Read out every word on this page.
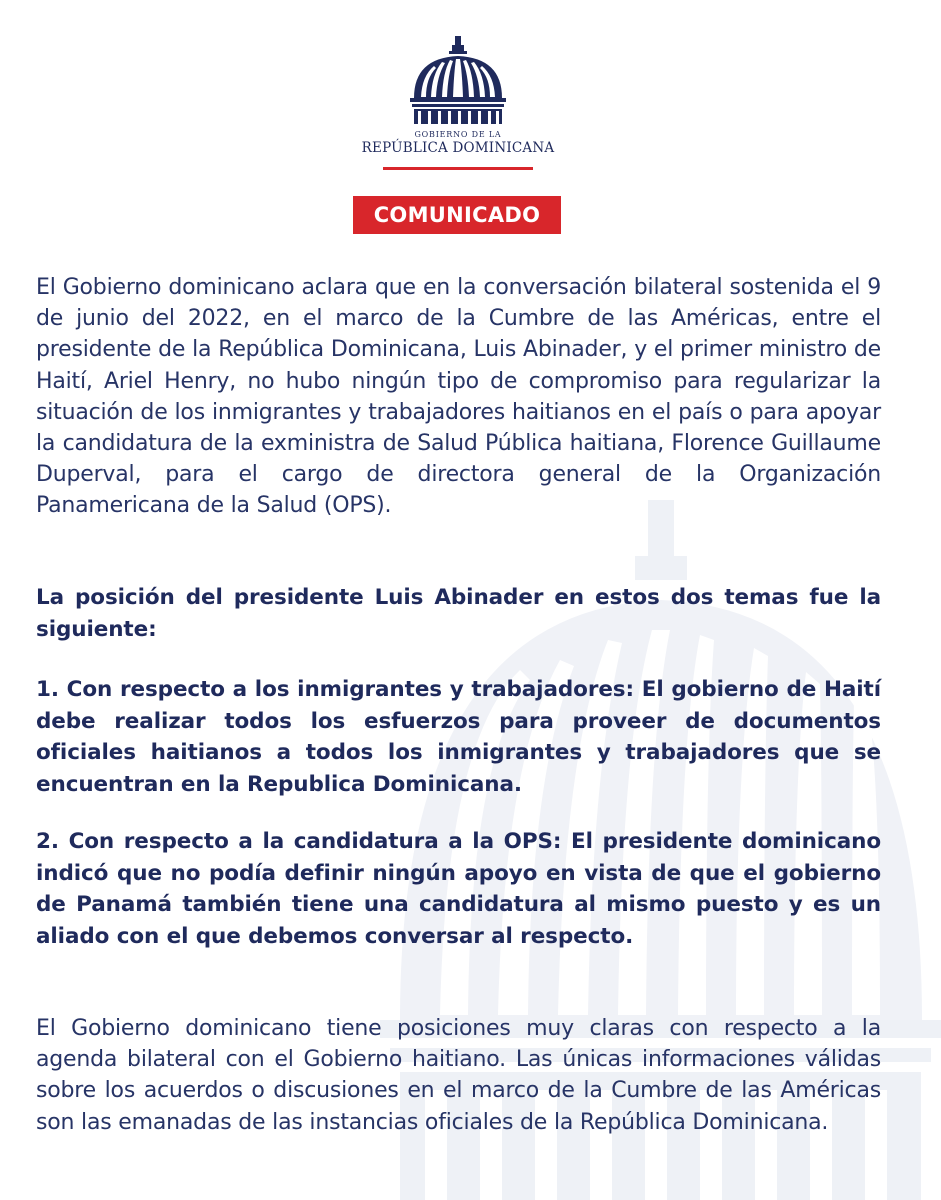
GOBIERNO DE LA
REPÚBLICA DOMINICANA
COMUNICADO

El Gobierno dominicano aclara que en la conversación bilateral sostenida el 9 de junio del 2022, en el marco de la Cumbre de las Américas, entre el presidente de la República Dominicana, Luis Abinader, y el primer ministro de Haití, Ariel Henry, no hubo ningún tipo de compromiso para regularizar la situación de los inmigrantes y trabajadores haitianos en el país o para apoyar la candidatura de la exministra de Salud Pública haitiana, Florence Guillaume Duperval, para el cargo de directora general de la Organización Panamericana de la Salud (OPS).

La posición del presidente Luis Abinader en estos dos temas fue la siguiente:

1. Con respecto a los inmigrantes y trabajadores: El gobierno de Haití debe realizar todos los esfuerzos para proveer de documentos oficiales haitianos a todos los inmigrantes y trabajadores que se encuentran en la Republica Dominicana.

2. Con respecto a la candidatura a la OPS: El presidente dominicano indicó que no podía definir ningún apoyo en vista de que el gobierno de Panamá también tiene una candidatura al mismo puesto y es un aliado con el que debemos conversar al respecto.

El Gobierno dominicano tiene posiciones muy claras con respecto a la agenda bilateral con el Gobierno haitiano. Las únicas informaciones válidas sobre los acuerdos o discusiones en el marco de la Cumbre de las Américas son las emanadas de las instancias oficiales de la República Dominicana.
